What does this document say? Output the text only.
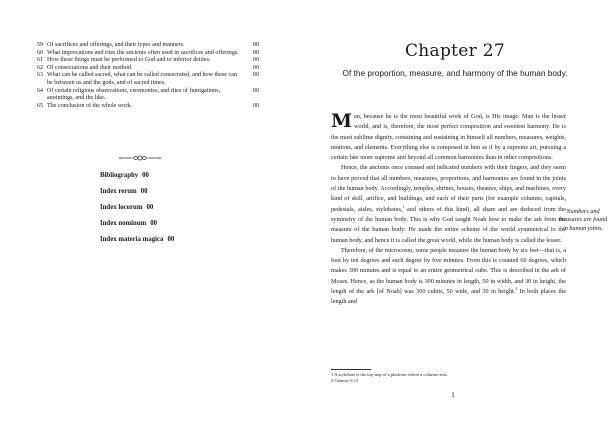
59 Of sacrifices and offerings, and their types and manners.	00
60 What imprecations and rites the ancients often used in sacrifices and offerings. 00
61 How these things must be performed to God and to inferior deities.	00
62 Of consecrations and their method.	00
63 What can be called sacred, what can be called consecrated, and how these can be between us and the gods, and of sacred times.
00
64 Of certain religious observations, ceremonies, and rites of fumigations, anointings, and the like.
00
65 The conclusion of the whole work.	00
Bibliography 00
Index rerum 00
Index locorum 00
Index nominum 00
Index materia magica 00
Chapter 27
Of the proportion, measure, and harmony of the human body.

Man, because he is the most beautiful work of God, is His image. Man is the lesser world, and is, therefore, the most perfect composition and sweetest harmony. He is the most sublime dignity, containing and sustaining in himself all numbers, measures, weights, motions, and elements. Everything else is composed in him as if by a supreme art, pursuing a certain fate more supreme and beyond all common harmonies than in other compositions.

Hence, the ancients once counted and indicated numbers with their fingers, and they seem to have proved that all numbers, measures, proportions, and harmonies are found in the joints of the human body. Accordingly, temples, shrines, houses, theatres, ships, and machines, every kind of skill, artifice, and buildings, and each of their parts (for example columns, capitals, pedestals, aisles, stylobates,$^1$ and others of this kind), all share and are deduced from the symmetry of the human body. This is why God taught Noah how to make the ark from the measure of the human body: He made the entire scheme of the world symmetrical to the human body, and hence it is called the great world, while the human body is called the lesser.

Therefore, of the microcosm, some people measure the human body by six feet—that is, a foot by ten degrees and each degree by five minutes. From this is counted 60 degrees, which makes 300 minutes and is equal to an entire geometrical cube. This is described in the ark of Moses. Hence, as the human body is 300 minutes in length, 50 in width, and 30 in height, the length of the ark [of Noah] was 300 cubits, 50 wide, and 30 in height.$^2$ In both places the length and

Numbers and measures are found in human joints.
1 A stylobate is the top step of a platform where a column rests.
2 Genesis 6:15.
1
